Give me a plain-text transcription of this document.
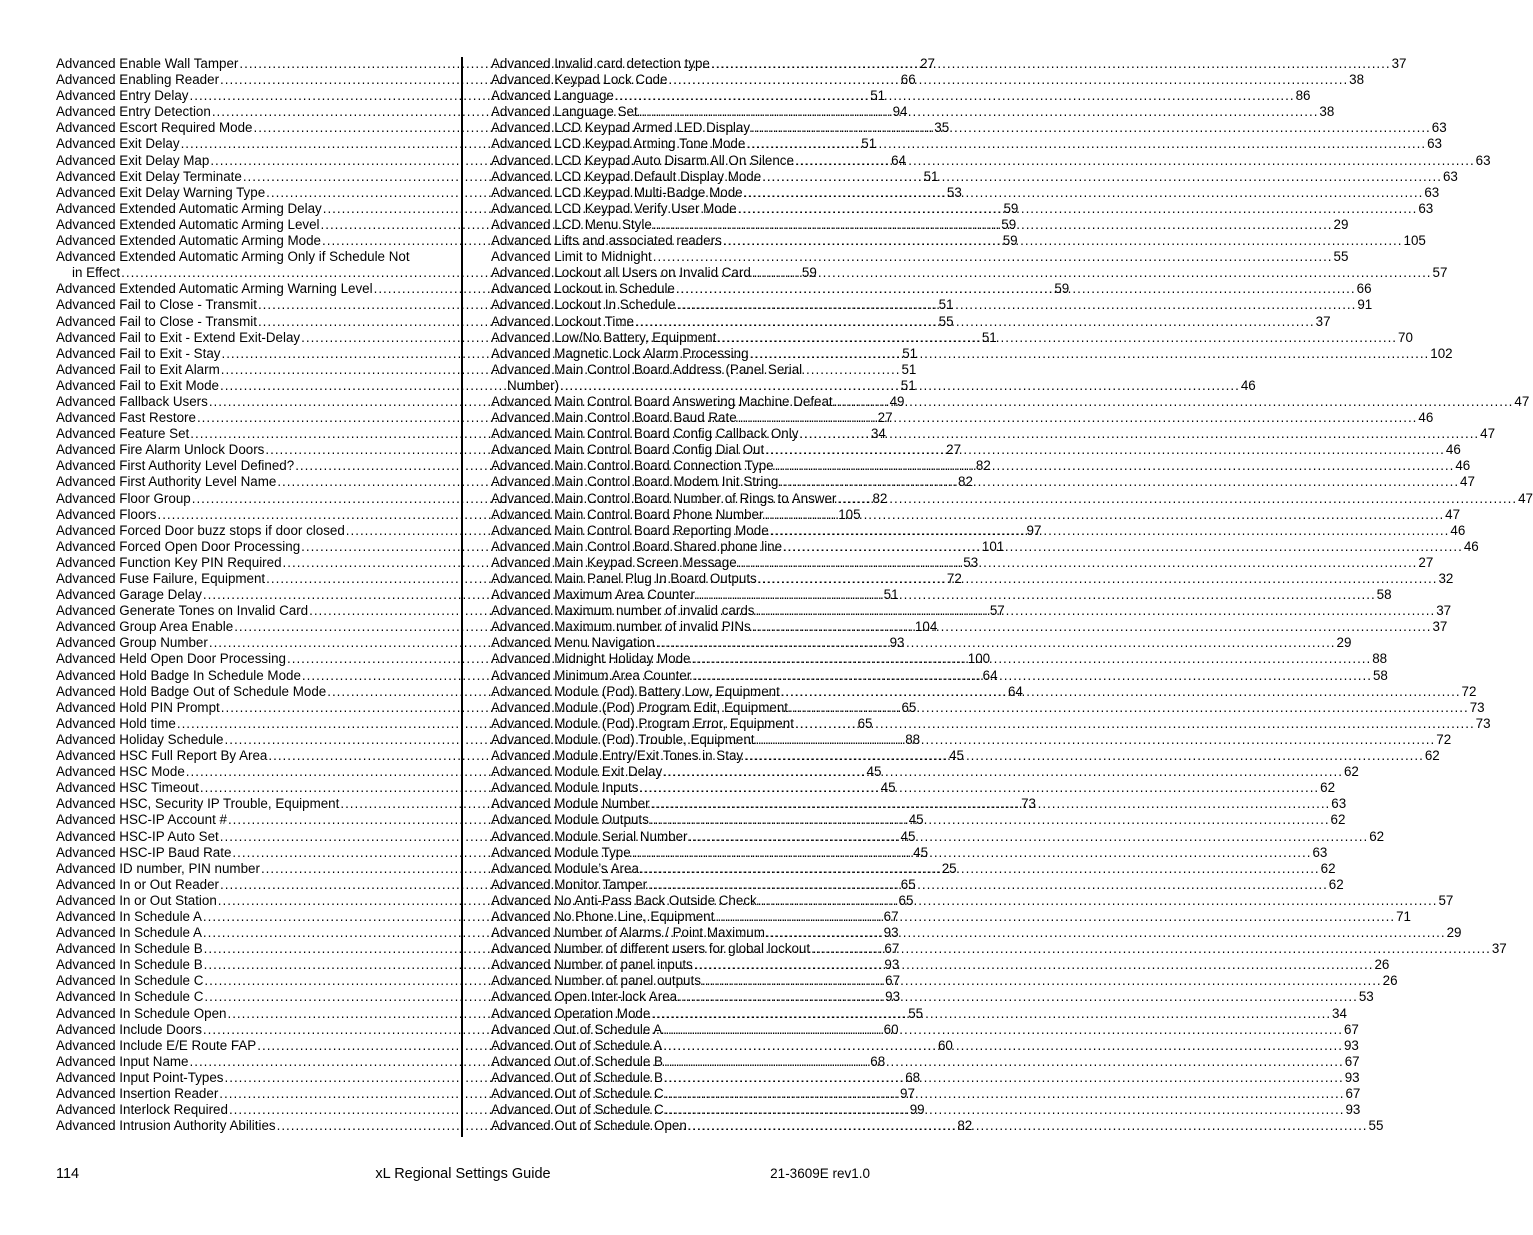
Advanced Enable Wall Tamper .....	27
Advanced Enabling Reader .....	66
Advanced Entry Delay .....	51
Advanced Entry Detection .....	94
Advanced Escort Required Mode .....	35
Advanced Exit Delay .....	51
Advanced Exit Delay Map .....	64
Advanced Exit Delay Terminate .....	51
Advanced Exit Delay Warning Type .....	53
Advanced Extended Automatic Arming Delay .....	59
Advanced Extended Automatic Arming Level .....	59
Advanced Extended Automatic Arming Mode .....	59
Advanced Extended Automatic Arming Only if Schedule Not
in Effect .....	59
Advanced Extended Automatic Arming Warning Level .....	59
Advanced Fail to Close - Transmit .....	51
Advanced Fail to Close - Transmit .....	55
Advanced Fail to Exit - Extend Exit-Delay .....	51
Advanced Fail to Exit - Stay .....	51
Advanced Fail to Exit Alarm .....	51
Advanced Fail to Exit Mode .....	51
Advanced Fallback Users .....	49
Advanced Fast Restore .....	27
Advanced Feature Set .....	34
Advanced Fire Alarm Unlock Doors .....	27
Advanced First Authority Level Defined? .....	82
Advanced First Authority Level Name .....	82
Advanced Floor Group .....	82
Advanced Floors .....	105
Advanced Forced Door buzz stops if door closed .....	97
Advanced Forced Open Door Processing .....	101
Advanced Function Key PIN Required .....	53
Advanced Fuse Failure, Equipment .....	72
Advanced Garage Delay .....	51
Advanced Generate Tones on Invalid Card .....	57
Advanced Group Area Enable .....	104
Advanced Group Number .....	93
Advanced Held Open Door Processing .....	100
Advanced Hold Badge In Schedule Mode .....	64
Advanced Hold Badge Out of Schedule Mode .....	64
Advanced Hold PIN Prompt .....	65
Advanced Hold time .....	65
Advanced Holiday Schedule .....	88
Advanced HSC Full Report By Area .....	45
Advanced HSC Mode .....	45
Advanced HSC Timeout .....	45
Advanced HSC, Security IP Trouble, Equipment .....	73
Advanced HSC-IP Account # .....	45
Advanced HSC-IP Auto Set .....	45
Advanced HSC-IP Baud Rate .....	45
Advanced ID number, PIN number .....	25
Advanced In or Out Reader .....	65
Advanced In or Out Station .....	65
Advanced In Schedule A .....	67
Advanced In Schedule A .....	93
Advanced In Schedule B .....	67
Advanced In Schedule B .....	93
Advanced In Schedule C .....	67
Advanced In Schedule C .....	93
Advanced In Schedule Open .....	55
Advanced Include Doors .....	60
Advanced Include E/E Route FAP .....	60
Advanced Input Name .....	68
Advanced Input Point-Types .....	68
Advanced Insertion Reader .....	97
Advanced Interlock Required .....	99
Advanced Intrusion Authority Abilities .....	82
Advanced Invalid card detection type .....	37
Advanced Keypad Lock Code .....	38
Advanced Language .....	86
Advanced Language Set .....	38
Advanced LCD Keypad Armed LED Display .....	63
Advanced LCD Keypad Arming Tone Mode .....	63
Advanced LCD Keypad Auto Disarm All On Silence .....	63
Advanced LCD Keypad Default Display Mode .....	63
Advanced LCD Keypad Multi-Badge Mode .....	63
Advanced LCD Keypad Verify User Mode .....	63
Advanced LCD Menu Style .....	29
Advanced Lifts and associated readers .....	105
Advanced Limit to Midnight .....	55
Advanced Lockout all Users on Invalid Card .....	57
Advanced Lockout in Schedule .....	66
Advanced Lockout In Schedule .....	91
Advanced Lockout Time .....	37
Advanced Low/No Battery, Equipment .....	70
Advanced Magnetic Lock Alarm Processing .....	102
Advanced Main Control Board Address (Panel Serial
Number) .....	46
Advanced Main Control Board Answering Machine Defeat .....	47
Advanced Main Control Board Baud Rate .....	46
Advanced Main Control Board Config Callback Only .....	47
Advanced Main Control Board Config Dial Out .....	46
Advanced Main Control Board Connection Type .....	46
Advanced Main Control Board Modem Init String .....	47
Advanced Main Control Board Number of Rings to Answer .....	47
Advanced Main Control Board Phone Number .....	47
Advanced Main Control Board Reporting Mode .....	46
Advanced Main Control Board Shared phone line .....	46
Advanced Main Keypad Screen Message .....	27
Advanced Main Panel Plug In Board Outputs .....	32
Advanced Maximum Area Counter .....	58
Advanced Maximum number of invalid cards .....	37
Advanced Maximum number of invalid PINs .....	37
Advanced Menu Navigation .....	29
Advanced Midnight Holiday Mode .....	88
Advanced Minimum Area Counter .....	58
Advanced Module (Pod) Battery Low, Equipment .....	72
Advanced Module (Pod) Program Edit, Equipment .....	73
Advanced Module (Pod) Program Error, Equipment .....	73
Advanced Module (Pod) Trouble, Equipment .....	72
Advanced Module Entry/Exit Tones in Stay .....	62
Advanced Module Exit Delay .....	62
Advanced Module Inputs .....	62
Advanced Module Number .....	63
Advanced Module Outputs .....	62
Advanced Module Serial Number .....	62
Advanced Module Type .....	63
Advanced Module’s Area .....	62
Advanced Monitor Tamper .....	62
Advanced No Anti-Pass Back Outside Check .....	57
Advanced No Phone Line, Equipment .....	71
Advanced Number of Alarms / Point Maximum .....	29
Advanced Number of different users for global lockout .....	37
Advanced Number of panel inputs .....	26
Advanced Number of panel outputs .....	26
Advanced Open Inter-lock Area .....	53
Advanced Operation Mode .....	34
Advanced Out of Schedule A .....	67
Advanced Out of Schedule A .....	93
Advanced Out of Schedule B .....	67
Advanced Out of Schedule B .....	93
Advanced Out of Schedule C .....	67
Advanced Out of Schedule C .....	93
Advanced Out of Schedule Open .....	55
114	xL Regional Settings Guide	21-3609E rev1.0
